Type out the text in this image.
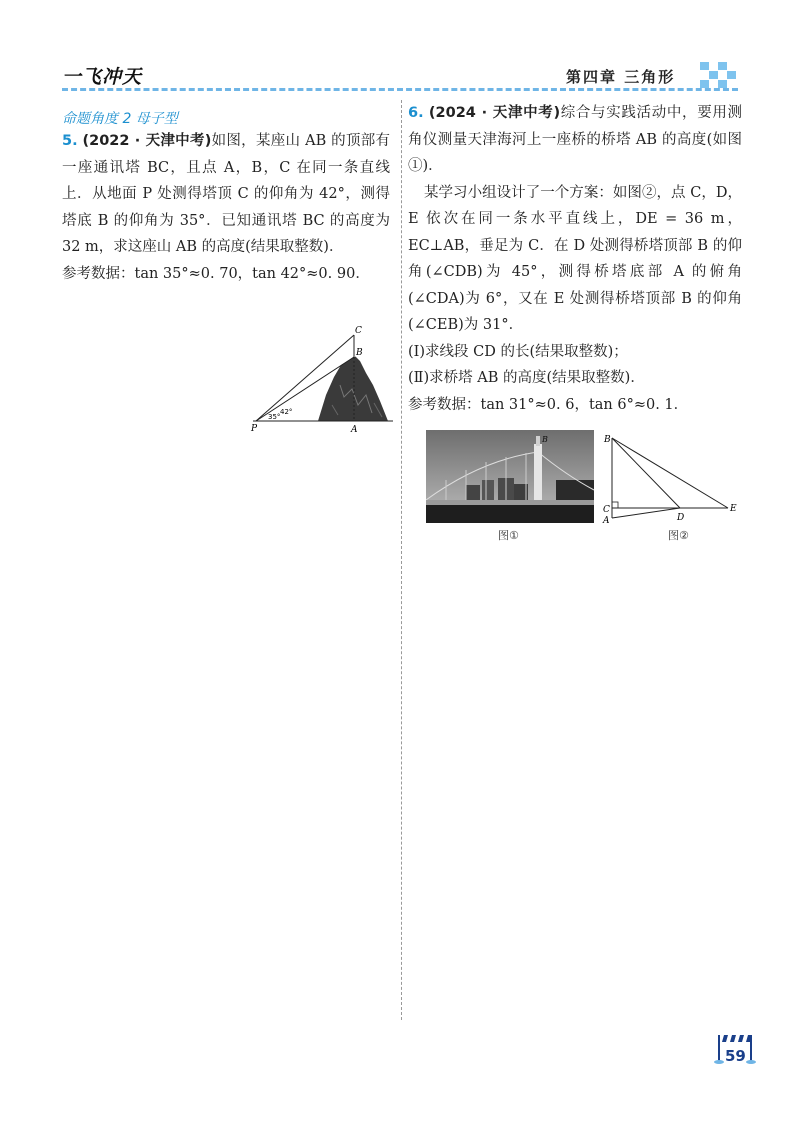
一飞冲天	第四章 三角形
命题角度 2 母子型
5. (2022 · 天津中考)如图，某座山 AB 的顶部有一座通讯塔 BC，且点 A，B，C 在同一条直线上．从地面 P 处测得塔顶 C 的仰角为 42°，测得塔底 B 的仰角为 35°．已知通讯塔 BC 的高度为 32 m，求这座山 AB 的高度(结果取整数)．
参考数据：tan 35°≈0. 70，tan 42°≈0. 90．
C
B
P	A
35°
42°
6. (2024 · 天津中考)综合与实践活动中，要用测角仪测量天津海河上一座桥的桥塔 AB 的高度(如图①)．
某学习小组设计了一个方案：如图②，点 C，D，E 依次在同一条水平直线上，DE = 36 m，EC⊥AB，垂足为 C．在 D 处测得桥塔顶部 B 的仰角(∠CDB)为 45°，测得桥塔底部 A 的俯角(∠CDA)为 6°，又在 E 处测得桥塔顶部 B 的仰角(∠CEB)为 31°．
(Ⅰ)求线段 CD 的长(结果取整数)；
(Ⅱ)求桥塔 AB 的高度(结果取整数)．
参考数据：tan 31°≈0. 6，tan 6°≈0. 1．
B
图①
B
C
A	D
E
图②
59
